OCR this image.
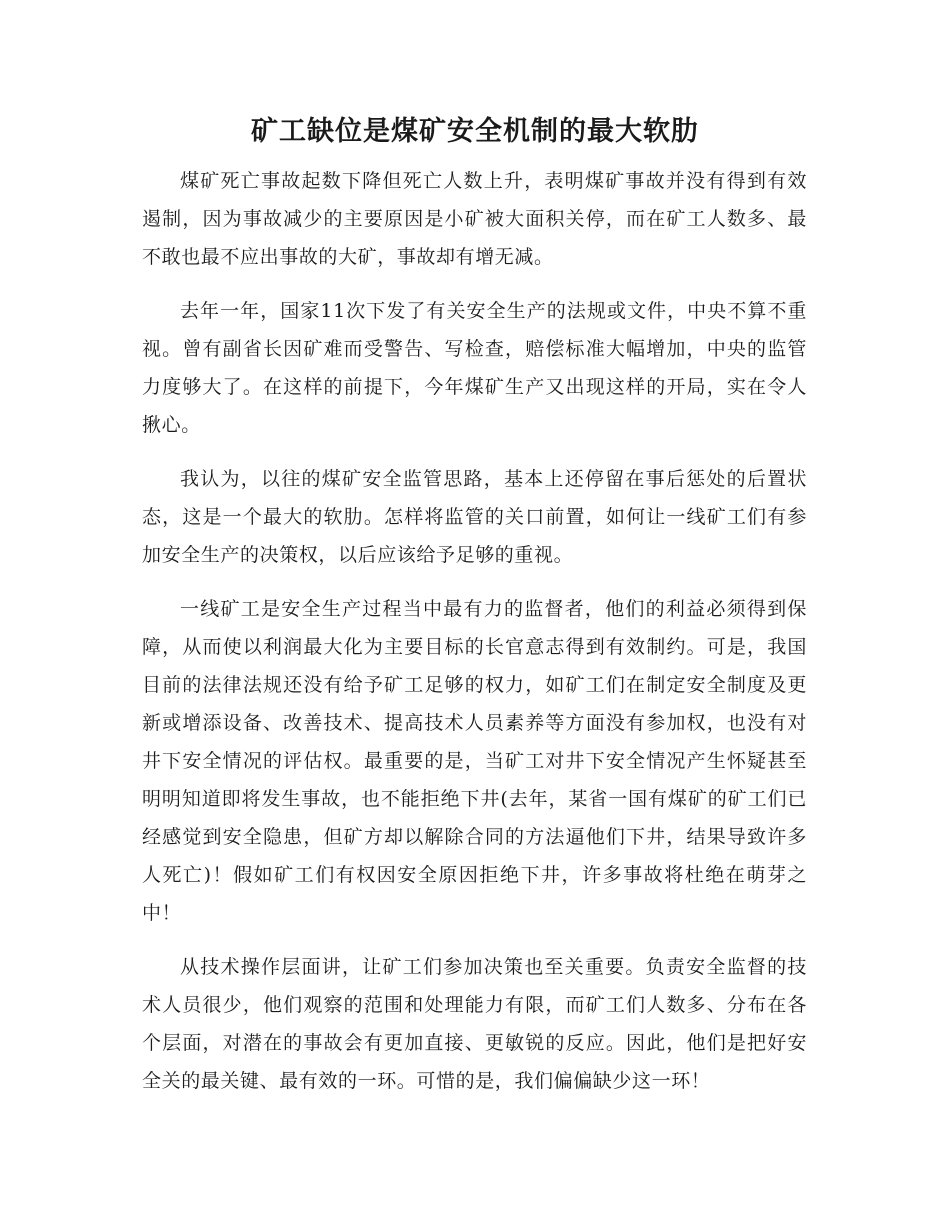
矿工缺位是煤矿安全机制的最大软肋

煤矿死亡事故起数下降但死亡人数上升，表明煤矿事故并没有得到有效遏制，因为事故减少的主要原因是小矿被大面积关停，而在矿工人数多、最不敢也最不应出事故的大矿，事故却有增无减。

去年一年，国家11次下发了有关安全生产的法规或文件，中央不算不重视。曾有副省长因矿难而受警告、写检查，赔偿标准大幅增加，中央的监管力度够大了。在这样的前提下，今年煤矿生产又出现这样的开局，实在令人揪心。

我认为，以往的煤矿安全监管思路，基本上还停留在事后惩处的后置状态，这是一个最大的软肋。怎样将监管的关口前置，如何让一线矿工们有参加安全生产的决策权，以后应该给予足够的重视。

一线矿工是安全生产过程当中最有力的监督者，他们的利益必须得到保障，从而使以利润最大化为主要目标的长官意志得到有效制约。可是，我国目前的法律法规还没有给予矿工足够的权力，如矿工们在制定安全制度及更新或增添设备、改善技术、提高技术人员素养等方面没有参加权，也没有对井下安全情况的评估权。最重要的是，当矿工对井下安全情况产生怀疑甚至明明知道即将发生事故，也不能拒绝下井(去年，某省一国有煤矿的矿工们已经感觉到安全隐患，但矿方却以解除合同的方法逼他们下井，结果导致许多人死亡)！假如矿工们有权因安全原因拒绝下井，许多事故将杜绝在萌芽之中！

从技术操作层面讲，让矿工们参加决策也至关重要。负责安全监督的技术人员很少，他们观察的范围和处理能力有限，而矿工们人数多、分布在各个层面，对潜在的事故会有更加直接、更敏锐的反应。因此，他们是把好安全关的最关键、最有效的一环。可惜的是，我们偏偏缺少这一环！
